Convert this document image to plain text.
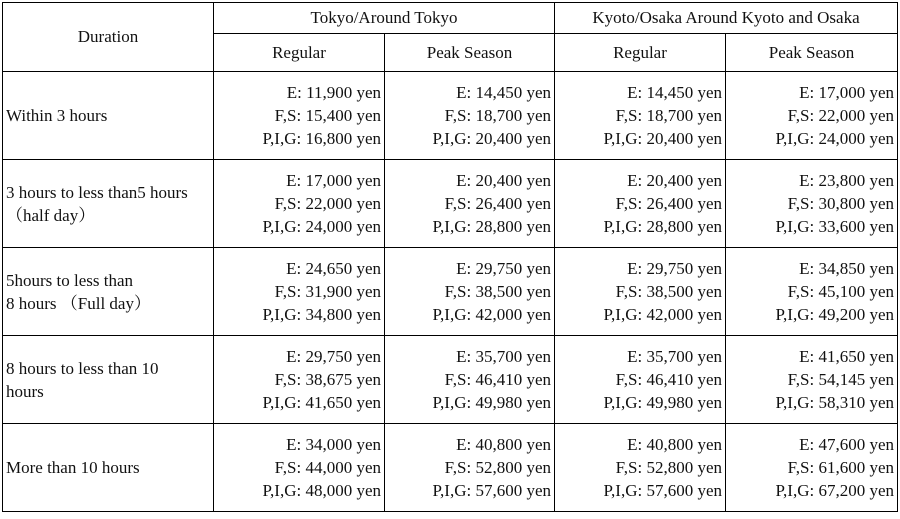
Duration	Tokyo/Around Tokyo		Kyoto/Osaka Around Kyoto and Osaka	
	Regular	Peak Season	Regular	Peak Season
Within 3 hours	E: 11,900 yen
F,S: 15,400 yen
P,I,G: 16,800 yen	E: 14,450 yen
F,S: 18,700 yen
P,I,G: 20,400 yen	E: 14,450 yen
F,S: 18,700 yen
P,I,G: 20,400 yen	E: 17,000 yen
F,S: 22,000 yen
P,I,G: 24,000 yen

3 hours to less than5 hours
（half day）	E: 17,000 yen
F,S: 22,000 yen
P,I,G: 24,000 yen	E: 20,400 yen
F,S: 26,400 yen
P,I,G: 28,800 yen	E: 20,400 yen
F,S: 26,400 yen
P,I,G: 28,800 yen	E: 23,800 yen
F,S: 30,800 yen
P,I,G: 33,600 yen

5hours to less than
8 hours （Full day）	E: 24,650 yen
F,S: 31,900 yen
P,I,G: 34,800 yen	E: 29,750 yen
F,S: 38,500 yen
P,I,G: 42,000 yen	E: 29,750 yen
F,S: 38,500 yen
P,I,G: 42,000 yen	E: 34,850 yen
F,S: 45,100 yen
P,I,G: 49,200 yen

8 hours to less than 10
hours	E: 29,750 yen
F,S: 38,675 yen
P,I,G: 41,650 yen	E: 35,700 yen
F,S: 46,410 yen
P,I,G: 49,980 yen	E: 35,700 yen
F,S: 46,410 yen
P,I,G: 49,980 yen	E: 41,650 yen
F,S: 54,145 yen
P,I,G: 58,310 yen

More than 10 hours	E: 34,000 yen
F,S: 44,000 yen
P,I,G: 48,000 yen	E: 40,800 yen
F,S: 52,800 yen
P,I,G: 57,600 yen	E: 40,800 yen
F,S: 52,800 yen
P,I,G: 57,600 yen	E: 47,600 yen
F,S: 61,600 yen
P,I,G: 67,200 yen
